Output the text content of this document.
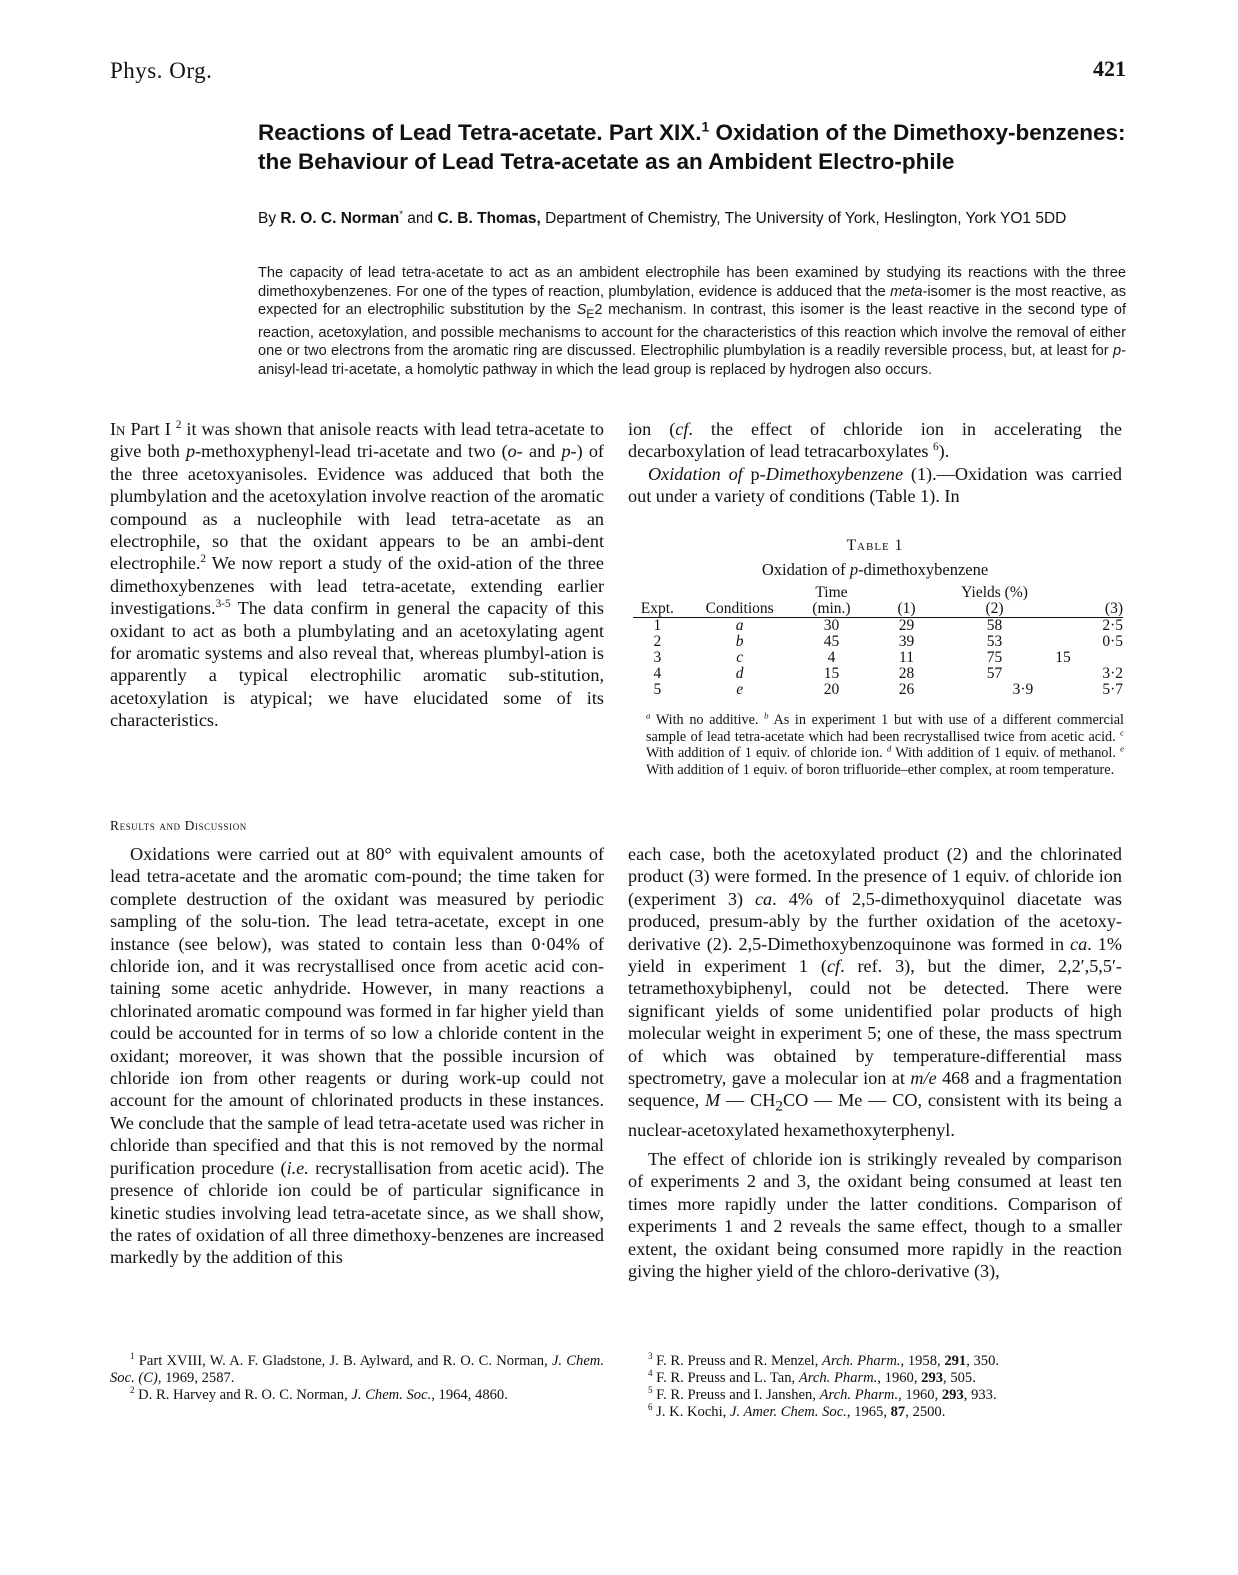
Phys. Org.	421
Reactions of Lead Tetra-acetate. Part XIX.$^1$ Oxidation of the Dimethoxy-benzenes: the Behaviour of Lead Tetra-acetate as an Ambident Electro-phile
By R. O. C. Norman* and C. B. Thomas, Department of Chemistry, The University of York, Heslington, York YO1 5DD
The capacity of lead tetra-acetate to act as an ambident electrophile has been examined by studying its reactions with the three dimethoxybenzenes. For one of the types of reaction, plumbylation, evidence is adduced that the meta-isomer is the most reactive, as expected for an electrophilic substitution by the $S_E2$ mechanism. In contrast, this isomer is the least reactive in the second type of reaction, acetoxylation, and possible mechanisms to account for the characteristics of this reaction which involve the removal of either one or two electrons from the aromatic ring are discussed. Electrophilic plumbylation is a readily reversible process, but, at least for p-anisyl-lead tri-acetate, a homolytic pathway in which the lead group is replaced by hydrogen also occurs.

In Part I $^2$ it was shown that anisole reacts with lead tetra-acetate to give both p-methoxyphenyl-lead tri-acetate and two (o- and p-) of the three acetoxyanisoles. Evidence was adduced that both the plumbylation and the acetoxylation involve reaction of the aromatic compound as a nucleophile with lead tetra-acetate as an electrophile, so that the oxidant appears to be an ambi-dent electrophile.$^2$ We now report a study of the oxid-ation of the three dimethoxybenzenes with lead tetra-acetate, extending earlier investigations.$^{3-5}$ The data confirm in general the capacity of this oxidant to act as both a plumbylating and an acetoxylating agent for aromatic systems and also reveal that, whereas plumbyl-ation is apparently a typical electrophilic aromatic sub-stitution, acetoxylation is atypical; we have elucidated some of its characteristics.

ion (cf. the effect of chloride ion in accelerating the decarboxylation of lead tetracarboxylates $^6$).

Oxidation of p-Dimethoxybenzene (1).—Oxidation was carried out under a variety of conditions (Table 1). In

Table 1
Oxidation of p-dimethoxybenzene
		Time		Yields (%)	
Expt.	Conditions	(min.)	(1)	(2)	(3)
1	a	30	29	58	2·5
2	b	45	39	53	0·5
3	c	4	11	75	15
4	d	15	28	57	3·2
5	e	20	26	3·9	5·7
$^a$ With no additive. $^b$ As in experiment 1 but with use of a different commercial sample of lead tetra-acetate which had been recrystallised twice from acetic acid. $^c$ With addition of 1 equiv. of chloride ion. $^d$ With addition of 1 equiv. of methanol. $^e$ With addition of 1 equiv. of boron trifluoride–ether complex, at room temperature.
Results and Discussion

Oxidations were carried out at 80° with equivalent amounts of lead tetra-acetate and the aromatic com-pound; the time taken for complete destruction of the oxidant was measured by periodic sampling of the solu-tion. The lead tetra-acetate, except in one instance (see below), was stated to contain less than 0·04% of chloride ion, and it was recrystallised once from acetic acid con-taining some acetic anhydride. However, in many reactions a chlorinated aromatic compound was formed in far higher yield than could be accounted for in terms of so low a chloride content in the oxidant; moreover, it was shown that the possible incursion of chloride ion from other reagents or during work-up could not account for the amount of chlorinated products in these instances. We conclude that the sample of lead tetra-acetate used was richer in chloride than specified and that this is not removed by the normal purification procedure (i.e. recrystallisation from acetic acid). The presence of chloride ion could be of particular significance in kinetic studies involving lead tetra-acetate since, as we shall show, the rates of oxidation of all three dimethoxy-benzenes are increased markedly by the addition of this

each case, both the acetoxylated product (2) and the chlorinated product (3) were formed. In the presence of 1 equiv. of chloride ion (experiment 3) ca. 4% of 2,5-dimethoxyquinol diacetate was produced, presum-ably by the further oxidation of the acetoxy-derivative (2). 2,5-Dimethoxybenzoquinone was formed in ca. 1% yield in experiment 1 (cf. ref. 3), but the dimer, 2,2′,5,5′-tetramethoxybiphenyl, could not be detected. There were significant yields of some unidentified polar products of high molecular weight in experiment 5; one of these, the mass spectrum of which was obtained by temperature-differential mass spectrometry, gave a molecular ion at m/e 468 and a fragmentation sequence, M — $CH_2CO$ — Me — CO, consistent with its being a nuclear-acetoxylated hexamethoxyterphenyl.

The effect of chloride ion is strikingly revealed by comparison of experiments 2 and 3, the oxidant being consumed at least ten times more rapidly under the latter conditions. Comparison of experiments 1 and 2 reveals the same effect, though to a smaller extent, the oxidant being consumed more rapidly in the reaction giving the higher yield of the chloro-derivative (3),

$^1$ Part XVIII, W. A. F. Gladstone, J. B. Aylward, and R. O. C. Norman, J. Chem. Soc. (C), 1969, 2587.

$^2$ D. R. Harvey and R. O. C. Norman, J. Chem. Soc., 1964, 4860.

$^3$ F. R. Preuss and R. Menzel, Arch. Pharm., 1958, 291, 350.

$^4$ F. R. Preuss and L. Tan, Arch. Pharm., 1960, 293, 505.

$^5$ F. R. Preuss and I. Janshen, Arch. Pharm., 1960, 293, 933.

$^6$ J. K. Kochi, J. Amer. Chem. Soc., 1965, 87, 2500.
